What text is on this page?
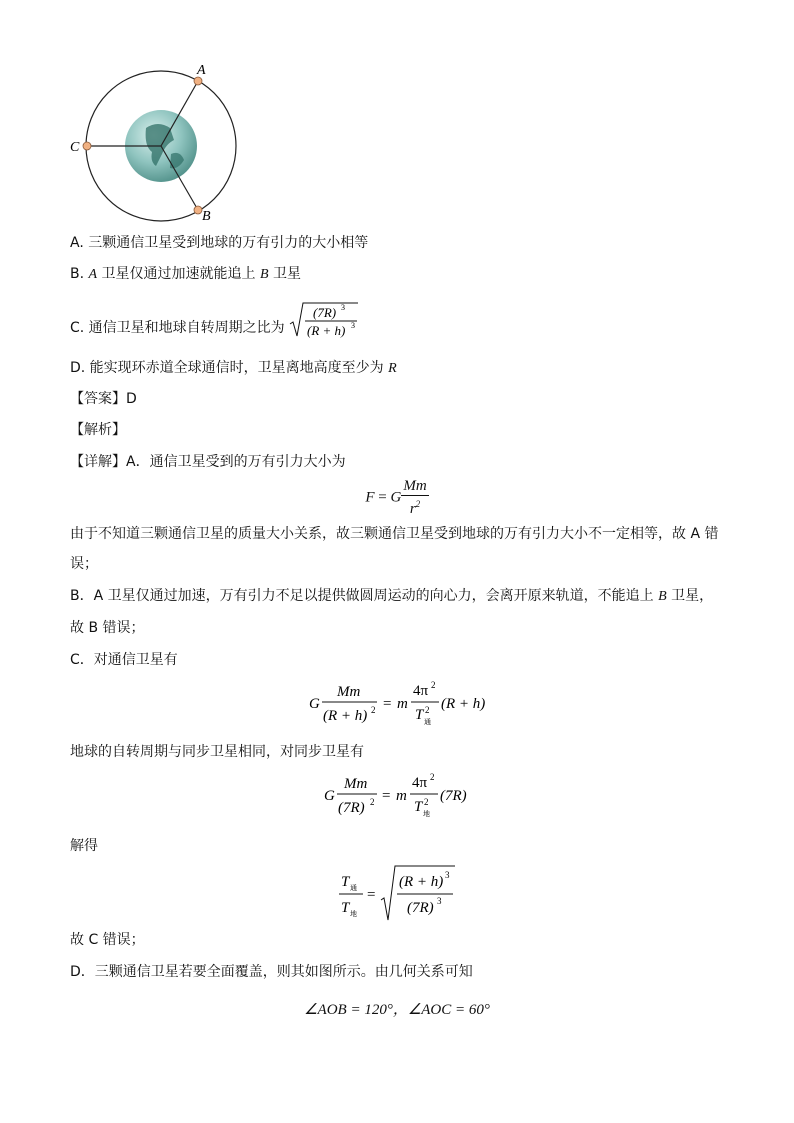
A
B
C
A. 三颗通信卫星受到地球的万有引力的大小相等
B. A 卫星仅通过加速就能追上 B 卫星
C. 通信卫星和地球自转周期之比为
(7R) 3
(R + h) 3
D. 能实现环赤道全球通信时，卫星离地高度至少为 R
【答案】D
【解析】
【详解】A．通信卫星受到的万有引力大小为
F = G $\frac{Mm}{r^2}$
由于不知道三颗通信卫星的质量大小关系，故三颗通信卫星受到地球的万有引力大小不一定相等，故 A 错
误；
B．A 卫星仅通过加速，万有引力不足以提供做圆周运动的向心力，会离开原来轨道，不能追上 B 卫星，
故 B 错误；
C．对通信卫星有
G
Mm
(R + h) 2 = m
4π 2
T 2
通
(R + h)
地球的自转周期与同步卫星相同，对同步卫星有
G
Mm
(7R) 2 = m
4π 2
T 2
地
(7R)
解得
T 通
T 地
=
(R + h) 3
(7R) 3
故 C 错误；
D．三颗通信卫星若要全面覆盖，则其如图所示。由几何关系可知
∠AOB = 120°，∠AOC = 60°
